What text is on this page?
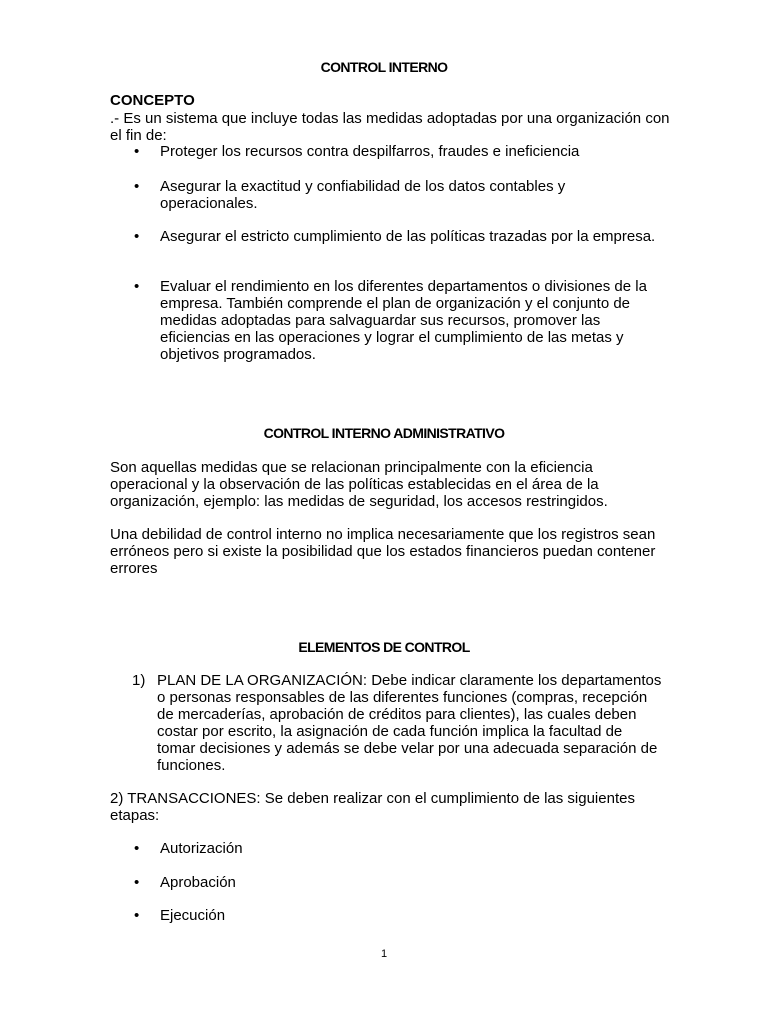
CONTROL INTERNO
CONCEPTO

.- Es un sistema que incluye todas las medidas adoptadas por una organización con el fin de:

• Proteger los recursos contra despilfarros, fraudes e ineficiencia
• Asegurar la exactitud y confiabilidad de los datos contables y operacionales.
• Asegurar el estricto cumplimiento de las políticas trazadas por la empresa.
• Evaluar el rendimiento en los diferentes departamentos o divisiones de la empresa. También comprende el plan de organización y el conjunto de medidas adoptadas para salvaguardar sus recursos, promover las eficiencias en las operaciones y lograr el cumplimiento de las metas y objetivos programados.
CONTROL INTERNO ADMINISTRATIVO

Son aquellas medidas que se relacionan principalmente con la eficiencia operacional y la observación de las políticas establecidas en el área de la organización, ejemplo: las medidas de seguridad, los accesos restringidos.

Una debilidad de control interno no implica necesariamente que los registros sean erróneos pero si existe la posibilidad que los estados financieros puedan contener errores

ELEMENTOS DE CONTROL
1) PLAN DE LA ORGANIZACIÓN: Debe indicar claramente los departamentos o personas responsables de las diferentes funciones (compras, recepción de mercaderías, aprobación de créditos para clientes), las cuales deben costar por escrito, la asignación de cada función implica la facultad de tomar decisiones y además se debe velar por una adecuada separación de funciones.

2) TRANSACCIONES: Se deben realizar con el cumplimiento de las siguientes etapas:

• Autorización
• Aprobación
• Ejecución
1
